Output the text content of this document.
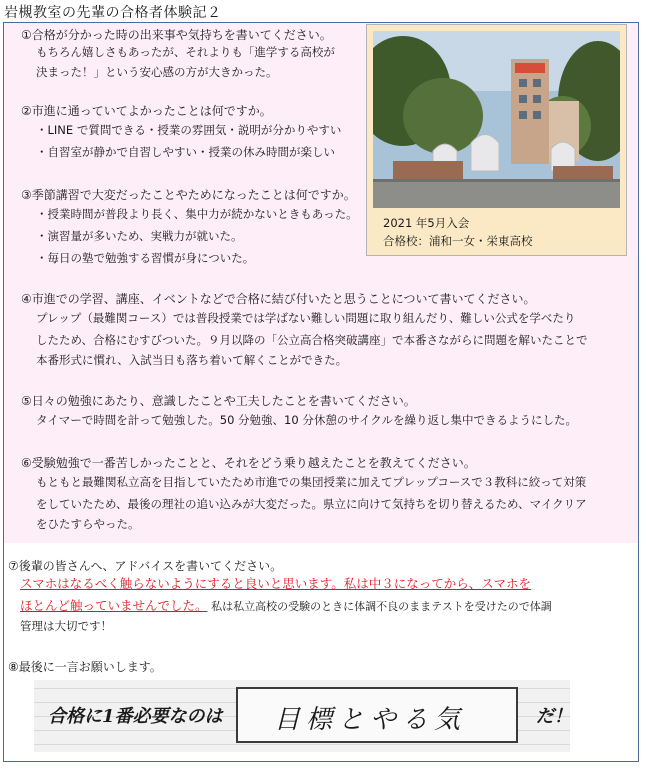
岩槻教室の先輩の合格者体験記２
2021 年5月入会
合格校：浦和一女・栄東高校
①合格が分かった時の出来事や気持ちを書いてください。
もちろん嬉しさもあったが、それよりも「進学する高校が
決まった！」という安心感の方が大きかった。
②市進に通っていてよかったことは何ですか。
・LINE で質問できる・授業の雰囲気・説明が分かりやすい
・自習室が静かで自習しやすい・授業の休み時間が楽しい
③季節講習で大変だったことやためになったことは何ですか。
・授業時間が普段より長く、集中力が続かないときもあった。
・演習量が多いため、実戦力が就いた。
・毎日の塾で勉強する習慣が身についた。
④市進での学習、講座、イベントなどで合格に結び付いたと思うことについて書いてください。
プレップ（最難関コース）では普段授業では学ばない難しい問題に取り組んだり、難しい公式を学べたり
したため、合格にむすびついた。９月以降の「公立高合格突破講座」で本番さながらに問題を解いたことで
本番形式に慣れ、入試当日も落ち着いて解くことができた。
⑤日々の勉強にあたり、意識したことや工夫したことを書いてください。
タイマーで時間を計って勉強した。50 分勉強、10 分休憩のサイクルを繰り返し集中できるようにした。
⑥受験勉強で一番苦しかったことと、それをどう乗り越えたことを教えてください。
もともと最難関私立高を目指していたため市進での集団授業に加えてプレップコースで３教科に絞って対策
をしていたため、最後の理社の追い込みが大変だった。県立に向けて気持ちを切り替えるため、マイクリア
をひたすらやった。
⑦後輩の皆さんへ、アドバイスを書いてください。
スマホはなるべく触らないようにすると良いと思います。私は中３になってから、スマホを
ほとんど触っていませんでした。 私は私立高校の受験のときに体調不良のままテストを受けたので体調
管理は大切です！
⑧最後に一言お願いします。
合格に1番必要なのは 目標とやる気	だ！
